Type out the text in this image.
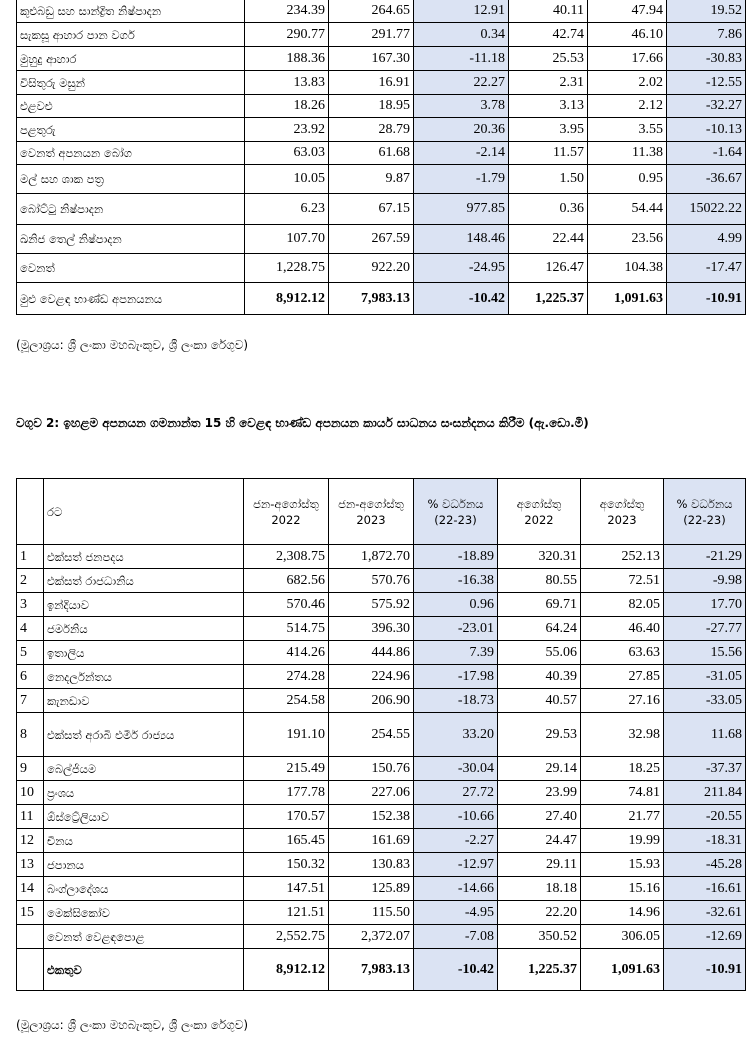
කුළුබඩු සහ සාන්ද්‍රිත නිෂ්පාදන	234.39	264.65	12.91	40.11	47.94	19.52
සැකසූ ආහාර පාන වර්ග	290.77	291.77	0.34	42.74	46.10	7.86
මුහුදු ආහාර	188.36	167.30	-11.18	25.53	17.66	-30.83
විසිතුරු මසුන්	13.83	16.91	22.27	2.31	2.02	-12.55
එළවළු	18.26	18.95	3.78	3.13	2.12	-32.27
පළතුරු	23.92	28.79	20.36	3.95	3.55	-10.13
වෙනත් අපනයන බෝග	63.03	61.68	-2.14	11.57	11.38	-1.64
මල් සහ ශාක පත්‍ර	10.05	9.87	-1.79	1.50	0.95	-36.67
බෝට්ටු නිෂ්පාදන	6.23	67.15	977.85	0.36	54.44	15022.22
ඛනිජ තෙල් නිෂ්පාදන	107.70	267.59	148.46	22.44	23.56	4.99
වෙනත්	1,228.75	922.20	-24.95	126.47	104.38	-17.47
මුළු වෙළඳ භාණ්ඩ අපනයනය	8,912.12	7,983.13	-10.42	1,225.37	1,091.63	-10.91
(මූලාශ්‍රය: ශ්‍රී ලංකා මහබැංකුව, ශ්‍රී ලංකා රේගුව)
වගුව 2: ඉහළම අපනයන ගමනාන්ත 15 හි වෙළඳ භාණ්ඩ අපනයන කාර්ය සාධනය සංසන්දනය කිරීම (ඇ.ඩො.මි)
	රට	ජන-අගෝස්තු 2022	ජන-අගෝස්තු 2023	% වර්ධනය (22-23)	අගෝස්තු 2022	අගෝස්තු 2023	% වර්ධනය (22-23)
1	එක්සත් ජනපදය	2,308.75	1,872.70	-18.89	320.31	252.13	-21.29
2	එක්සත් රාජධානිය	682.56	570.76	-16.38	80.55	72.51	-9.98
3	ඉන්දියාව	570.46	575.92	0.96	69.71	82.05	17.70
4	ජර්මනිය	514.75	396.30	-23.01	64.24	46.40	-27.77
5	ඉතාලිය	414.26	444.86	7.39	55.06	63.63	15.56
6	නෙදර්ලන්තය	274.28	224.96	-17.98	40.39	27.85	-31.05
7	කැනඩාව	254.58	206.90	-18.73	40.57	27.16	-33.05
8	එක්සත් අරාබි එමීර් රාජ්‍යය	191.10	254.55	33.20	29.53	32.98	11.68
9	බෙල්ජියම	215.49	150.76	-30.04	29.14	18.25	-37.37
10	ප්‍රංශය	177.78	227.06	27.72	23.99	74.81	211.84
11	ඕස්ට්‍රේලියාව	170.57	152.38	-10.66	27.40	21.77	-20.55
12	චීනය	165.45	161.69	-2.27	24.47	19.99	-18.31
13	ජපානය	150.32	130.83	-12.97	29.11	15.93	-45.28
14	බංග්ලාදේශය	147.51	125.89	-14.66	18.18	15.16	-16.61
15	මෙක්සිකෝව	121.51	115.50	-4.95	22.20	14.96	-32.61
	වෙනත් වෙළඳපොළ	2,552.75	2,372.07	-7.08	350.52	306.05	-12.69
	එකතුව	8,912.12	7,983.13	-10.42	1,225.37	1,091.63	-10.91
(මූලාශ්‍රය: ශ්‍රී ලංකා මහබැංකුව, ශ්‍රී ලංකා රේගුව)
